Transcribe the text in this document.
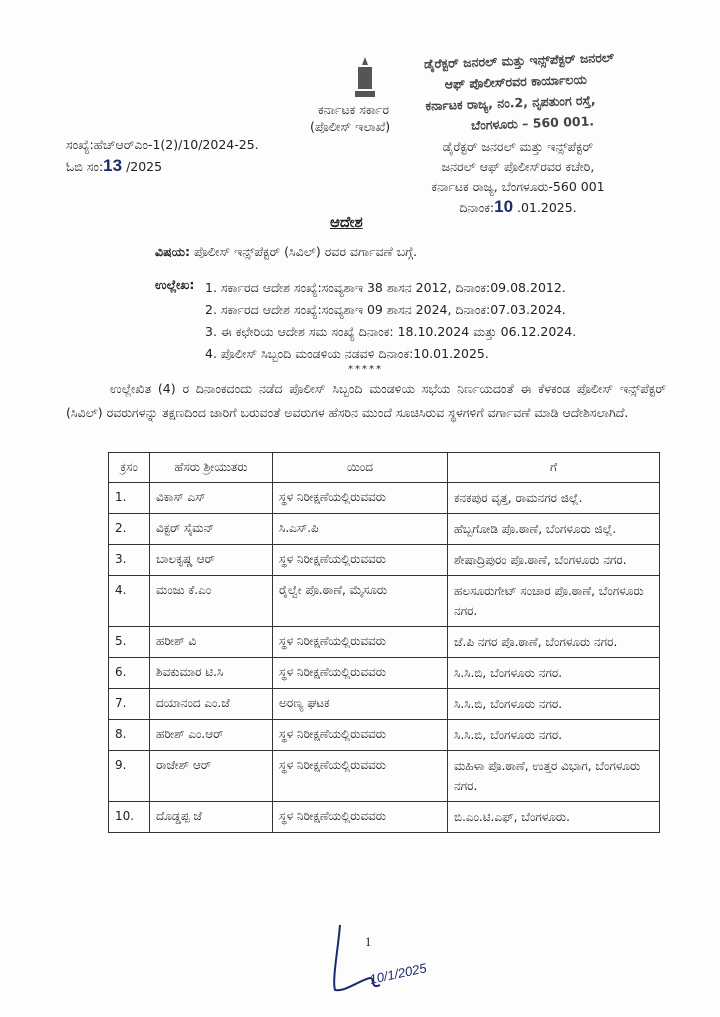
ಕರ್ನಾಟಕ ಸರ್ಕಾರ
(ಪೊಲೀಸ್ ಇಲಾಖೆ)
ಡೈರೆಕ್ಟರ್ ಜನರಲ್ ಮತ್ತು ಇನ್ಸ್‌ಪೆಕ್ಟರ್ ಜನರಲ್
ಆಫ್ ಪೊಲೀಸ್‌ರವರ ಕಾರ್ಯಾಲಯ
ಕರ್ನಾಟಕ ರಾಜ್ಯ, ನಂ.2, ನೃಪತುಂಗ ರಸ್ತೆ,
ಬೆಂಗಳೂರು – 560 001.
ಸಂಖ್ಯೆ:ಹೆಚ್‌ಆರ್‌ಎಂ-1(2)/10/2024-25.
ಓಬಿ ಸಂ:13 /2025
ಡೈರೆಕ್ಟರ್ ಜನರಲ್ ಮತ್ತು ಇನ್ಸ್‌ಪೆಕ್ಟರ್
ಜನರಲ್ ಆಫ್ ಪೊಲೀಸ್‌ರವರ ಕಚೇರಿ,
ಕರ್ನಾಟಕ ರಾಜ್ಯ, ಬೆಂಗಳೂರು-560 001
ದಿನಾಂಕ:10 .01.2025.
ಆದೇಶ
ವಿಷಯ: ಪೊಲೀಸ್ ಇನ್ಸ್‌ಪೆಕ್ಟರ್ (ಸಿವಿಲ್) ರವರ ವರ್ಗಾವಣೆ ಬಗ್ಗೆ.
ಉಲ್ಲೇಖ: 1. ಸರ್ಕಾರದ ಆದೇಶ ಸಂಖ್ಯೆ:ಸಂವ್ಯಶಾಇ 38 ಶಾಸನ 2012, ದಿನಾಂಕ:09.08.2012.
2. ಸರ್ಕಾರದ ಆದೇಶ ಸಂಖ್ಯೆ:ಸಂವ್ಯಶಾಇ 09 ಶಾಸನ 2024, ದಿನಾಂಕ:07.03.2024.
3. ಈ ಕಛೇರಿಯ ಆದೇಶ ಸಮ ಸಂಖ್ಯೆ ದಿನಾಂಕ: 18.10.2024 ಮತ್ತು 06.12.2024.
4. ಪೊಲೀಸ್ ಸಿಬ್ಬಂದಿ ಮಂಡಳಿಯ ನಡವಳಿ ದಿನಾಂಕ:10.01.2025.
*****
ಉಲ್ಲೇಖಿತ (4) ರ ದಿನಾಂಕದಂದು ನಡೆದ ಪೊಲೀಸ್ ಸಿಬ್ಬಂದಿ ಮಂಡಳಿಯ ಸಭೆಯ ನಿರ್ಣಯದಂತೆ ಈ ಕೆಳಕಂಡ ಪೊಲೀಸ್ ಇನ್ಸ್‌ಪೆಕ್ಟರ್ (ಸಿವಿಲ್) ರವರುಗಳನ್ನು ತಕ್ಷಣದಿಂದ ಜಾರಿಗೆ ಬರುವಂತೆ ಅವರುಗಳ ಹೆಸರಿನ ಮುಂದೆ ಸೂಚಿಸಿರುವ ಸ್ಥಳಗಳಿಗೆ ವರ್ಗಾವಣೆ ಮಾಡಿ ಆದೇಶಿಸಲಾಗಿದೆ.
ಕ್ರಸಂ	ಹೆಸರು ಶ್ರೀಯುತರು	ಯಿಂದ	ಗೆ
1.	ವಿಕಾಸ್ ಎಸ್	ಸ್ಥಳ ನಿರೀಕ್ಷಣೆಯಲ್ಲಿರುವವರು	ಕನಕಪುರ ವೃತ್ತ, ರಾಮನಗರ ಜಿಲ್ಲೆ.
2.	ವಿಕ್ಟರ್ ಸೈಮನ್	ಸಿ.ಎಸ್.ಪಿ	ಹೆಬ್ಬಗೋಡಿ ಪೊ.ಠಾಣೆ, ಬೆಂಗಳೂರು ಜಿಲ್ಲೆ.
3.	ಬಾಲಕೃಷ್ಣ ಆರ್	ಸ್ಥಳ ನಿರೀಕ್ಷಣೆಯಲ್ಲಿರುವವರು	ಶೇಷಾದ್ರಿಪುರಂ ಪೊ.ಠಾಣೆ, ಬೆಂಗಳೂರು ನಗರ.
4.	ಮಂಜು ಕೆ.ಎಂ	ರೈಲ್ವೇ ಪೊ.ಠಾಣೆ, ಮೈಸೂರು	ಹಲಸೂರುಗೇಟ್ ಸಂಚಾರ ಪೊ.ಠಾಣೆ, ಬೆಂಗಳೂರು ನಗರ.
5.	ಹರೀಶ್ ವಿ	ಸ್ಥಳ ನಿರೀಕ್ಷಣೆಯಲ್ಲಿರುವವರು	ಜೆ.ಪಿ ನಗರ ಪೊ.ಠಾಣೆ, ಬೆಂಗಳೂರು ನಗರ.
6.	ಶಿವಕುಮಾರ ಟಿ.ಸಿ	ಸ್ಥಳ ನಿರೀಕ್ಷಣೆಯಲ್ಲಿರುವವರು	ಸಿ.ಸಿ.ಬಿ, ಬೆಂಗಳೂರು ನಗರ.
7.	ದಯಾನಂದ ಎಂ.ಜೆ	ಅರಣ್ಯ ಘಟಕ	ಸಿ.ಸಿ.ಬಿ, ಬೆಂಗಳೂರು ನಗರ.
8.	ಹರೀಶ್ ಎಂ.ಆರ್	ಸ್ಥಳ ನಿರೀಕ್ಷಣೆಯಲ್ಲಿರುವವರು	ಸಿ.ಸಿ.ಬಿ, ಬೆಂಗಳೂರು ನಗರ.
9.	ರಾಜೇಶ್ ಆರ್	ಸ್ಥಳ ನಿರೀಕ್ಷಣೆಯಲ್ಲಿರುವವರು	ಮಹಿಳಾ ಪೊ.ಠಾಣೆ, ಉತ್ತರ ವಿಭಾಗ, ಬೆಂಗಳೂರು ನಗರ.
10.	ದೊಡ್ಡಪ್ಪ ಜೆ	ಸ್ಥಳ ನಿರೀಕ್ಷಣೆಯಲ್ಲಿರುವವರು	ಬಿ.ಎಂ.ಟಿ.ಎಫ್, ಬೆಂಗಳೂರು.
1
10/1/2025
